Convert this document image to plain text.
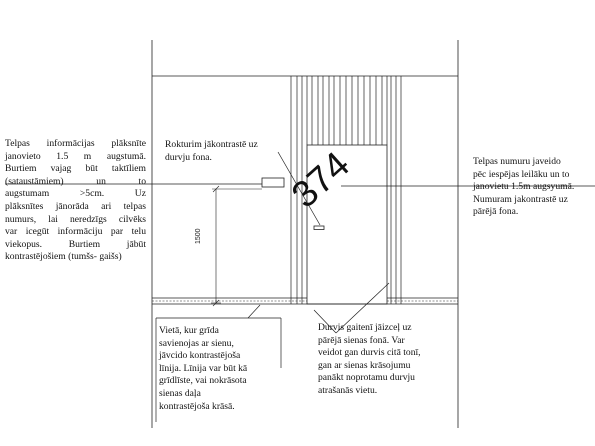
374
1500
Telpas informācijas plāksnīte
janovieto 1.5 m augstumā.
Burtiem vajag būt taktīliem
(sataustāmiem) un to
augstumam >5cm. Uz
plāksnītes jānorāda ari telpas
numurs, lai neredzīgs cilvēks
var icegūt informāciju par telu
viekopus. Burtiem jābūt
kontrastējošiem (tumšs- gaišs)
Rokturim jākontrastē uz
durvju fona.	Telpas numuru javeido
pēc iespējas leilāku un to
janovietu 1.5m augsyumā.
Numuram jakontrastē uz
pārējā fona.
Vietā, kur grīda
savienojas ar sienu,
jāvcido kontrastējoša
līnija. Līnija var būt kā
grīdlīste, vai nokrāsota
sienas daļa
kontrastējoša krāsā.
Durvis gaitenī jāizceļ uz
pārējā sienas fonā. Var
veidot gan durvis citā tonī,
gan ar sienas krāsojumu
panākt noprotamu durvju
atrašanās vietu.
